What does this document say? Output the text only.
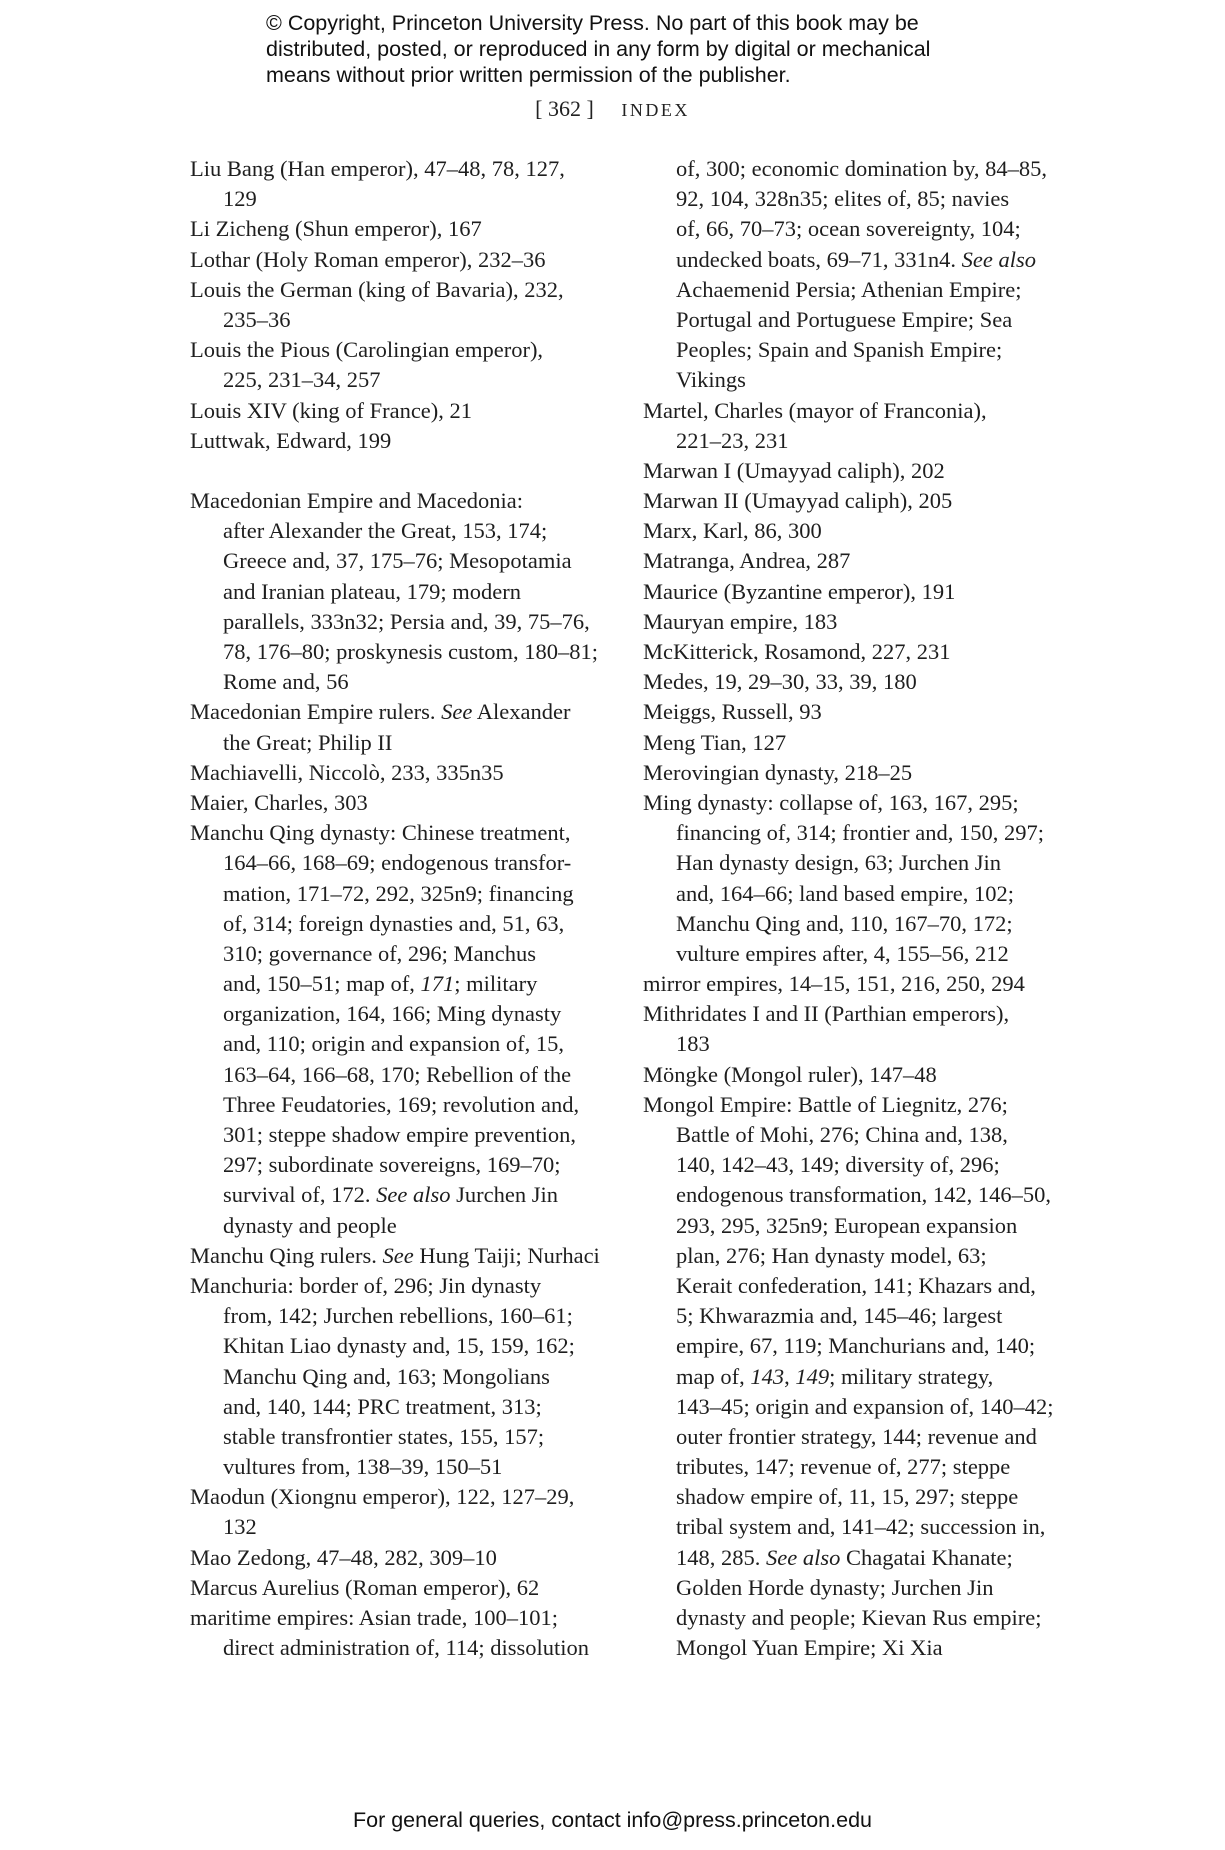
© Copyright, Princeton University Press. No part of this book may be
distributed, posted, or reproduced in any form by digital or mechanical
means without prior written permission of the publisher.
[ 362 ] INDEX
Liu Bang (Han emperor), 47–48, 78, 127,
129
Li Zicheng (Shun emperor), 167
Lothar (Holy Roman emperor), 232–36
Louis the German (king of Bavaria), 232,
235–36
Louis the Pious (Carolingian emperor),
225, 231–34, 257
Louis XIV (king of France), 21
Luttwak, Edward, 199
Macedonian Empire and Macedonia:
after Alexander the Great, 153, 174;
Greece and, 37, 175–76; Mesopotamia
and Iranian plateau, 179; modern
parallels, 333n32; Persia and, 39, 75–76,
78, 176–80; proskynesis custom, 180–81;
Rome and, 56
Macedonian Empire rulers. See Alexander
the Great; Philip II
Machiavelli, Niccolò, 233, 335n35
Maier, Charles, 303
Manchu Qing dynasty: Chinese treatment,
164–66, 168–69; endogenous transfor-
mation, 171–72, 292, 325n9; financing
of, 314; foreign dynasties and, 51, 63,
310; governance of, 296; Manchus
and, 150–51; map of, 171; military
organization, 164, 166; Ming dynasty
and, 110; origin and expansion of, 15,
163–64, 166–68, 170; Rebellion of the
Three Feudatories, 169; revolution and,
301; steppe shadow empire prevention,
297; subordinate sovereigns, 169–70;
survival of, 172. See also Jurchen Jin
dynasty and people
Manchu Qing rulers. See Hung Taiji; Nurhaci
Manchuria: border of, 296; Jin dynasty
from, 142; Jurchen rebellions, 160–61;
Khitan Liao dynasty and, 15, 159, 162;
Manchu Qing and, 163; Mongolians
and, 140, 144; PRC treatment, 313;
stable transfrontier states, 155, 157;
vultures from, 138–39, 150–51
Maodun (Xiongnu emperor), 122, 127–29,
132
Mao Zedong, 47–48, 282, 309–10
Marcus Aurelius (Roman emperor), 62
maritime empires: Asian trade, 100–101;
direct administration of, 114; dissolution
of, 300; economic domination by, 84–85,
92, 104, 328n35; elites of, 85; navies
of, 66, 70–73; ocean sovereignty, 104;
undecked boats, 69–71, 331n4. See also
Achaemenid Persia; Athenian Empire;
Portugal and Portuguese Empire; Sea
Peoples; Spain and Spanish Empire;
Vikings
Martel, Charles (mayor of Franconia),
221–23, 231
Marwan I (Umayyad caliph), 202
Marwan II (Umayyad caliph), 205
Marx, Karl, 86, 300
Matranga, Andrea, 287
Maurice (Byzantine emperor), 191
Mauryan empire, 183
McKitterick, Rosamond, 227, 231
Medes, 19, 29–30, 33, 39, 180
Meiggs, Russell, 93
Meng Tian, 127
Merovingian dynasty, 218–25
Ming dynasty: collapse of, 163, 167, 295;
financing of, 314; frontier and, 150, 297;
Han dynasty design, 63; Jurchen Jin
and, 164–66; land based empire, 102;
Manchu Qing and, 110, 167–70, 172;
vulture empires after, 4, 155–56, 212
mirror empires, 14–15, 151, 216, 250, 294
Mithridates I and II (Parthian emperors),
183
Möngke (Mongol ruler), 147–48
Mongol Empire: Battle of Liegnitz, 276;
Battle of Mohi, 276; China and, 138,
140, 142–43, 149; diversity of, 296;
endogenous transformation, 142, 146–50,
293, 295, 325n9; European expansion
plan, 276; Han dynasty model, 63;
Kerait confederation, 141; Khazars and,
5; Khwarazmia and, 145–46; largest
empire, 67, 119; Manchurians and, 140;
map of, 143, 149; military strategy,
143–45; origin and expansion of, 140–42;
outer frontier strategy, 144; revenue and
tributes, 147; revenue of, 277; steppe
shadow empire of, 11, 15, 297; steppe
tribal system and, 141–42; succession in,
148, 285. See also Chagatai Khanate;
Golden Horde dynasty; Jurchen Jin
dynasty and people; Kievan Rus empire;
Mongol Yuan Empire; Xi Xia
For general queries, contact info@press.princeton.edu
